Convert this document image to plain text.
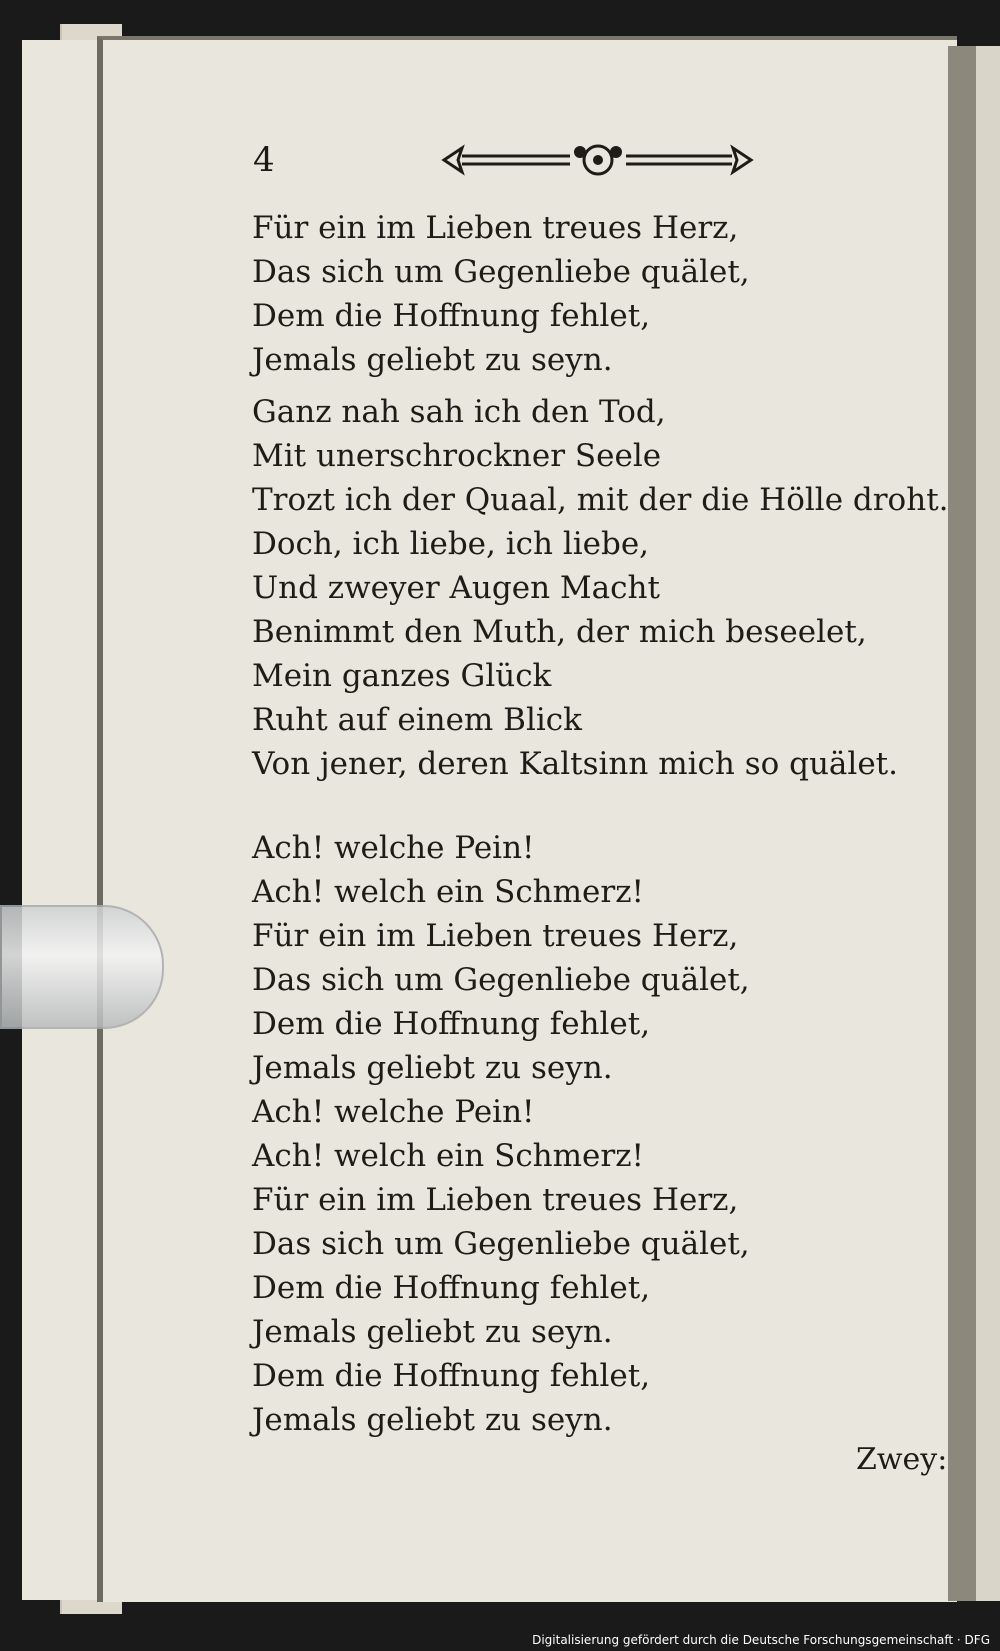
4
Für ein im Lieben treues Herz,
Das sich um Gegenliebe quälet,
Dem die Hoffnung fehlet,
Jemals geliebt zu seyn.
Ganz nah sah ich den Tod,
Mit unerschrockner Seele
Trozt ich der Quaal, mit der die Hölle droht.
Doch, ich liebe, ich liebe,
Und zweyer Augen Macht
Benimmt den Muth, der mich beseelet,
Mein ganzes Glück
Ruht auf einem Blick
Von jener, deren Kaltsinn mich so quälet.
Ach! welche Pein!
Ach! welch ein Schmerz!
Für ein im Lieben treues Herz,
Das sich um Gegenliebe quälet,
Dem die Hoffnung fehlet,
Jemals geliebt zu seyn.
Ach! welche Pein!
Ach! welch ein Schmerz!
Für ein im Lieben treues Herz,
Das sich um Gegenliebe quälet,
Dem die Hoffnung fehlet,
Jemals geliebt zu seyn.
Dem die Hoffnung fehlet,
Jemals geliebt zu seyn.
Zwey:
Digitalisierung gefördert durch die Deutsche Forschungsgemeinschaft · DFG
